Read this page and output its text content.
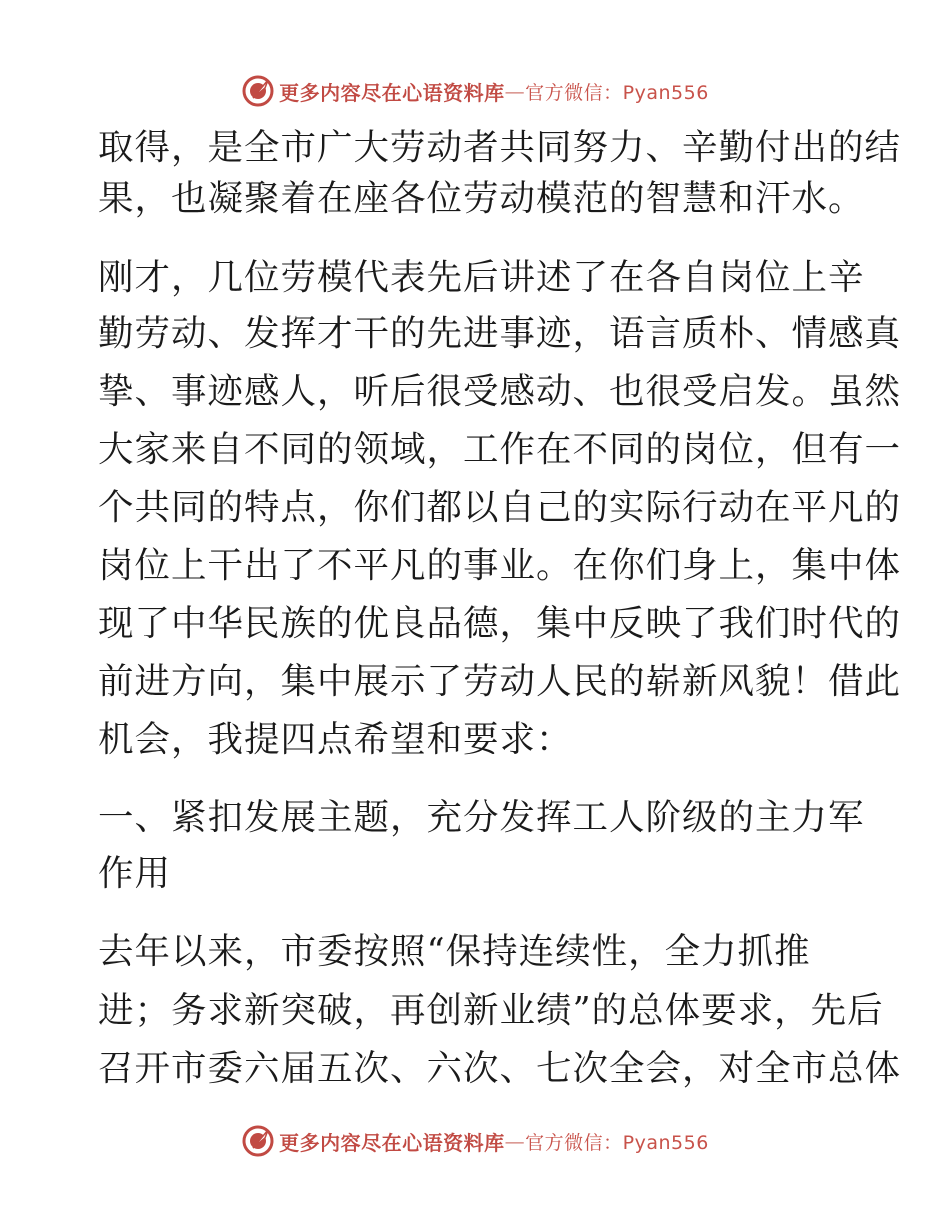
更多内容尽在心语资料库 — 官方微信：Pyan556
取得，是全市广大劳动者共同努力、辛勤付出的结
果，也凝聚着在座各位劳动模范的智慧和汗水。
刚才，几位劳模代表先后讲述了在各自岗位上辛
勤劳动、发挥才干的先进事迹，语言质朴、情感真
挚、事迹感人，听后很受感动、也很受启发。虽然
大家来自不同的领域，工作在不同的岗位，但有一
个共同的特点，你们都以自己的实际行动在平凡的
岗位上干出了不平凡的事业。在你们身上，集中体
现了中华民族的优良品德，集中反映了我们时代的
前进方向，集中展示了劳动人民的崭新风貌！借此
机会，我提四点希望和要求：
一、紧扣发展主题，充分发挥工人阶级的主力军
作用
去年以来，市委按照“保持连续性，全力抓推
进；务求新突破，再创新业绩”的总体要求，先后
召开市委六届五次、六次、七次全会，对全市总体
更多内容尽在心语资料库 — 官方微信：Pyan556
